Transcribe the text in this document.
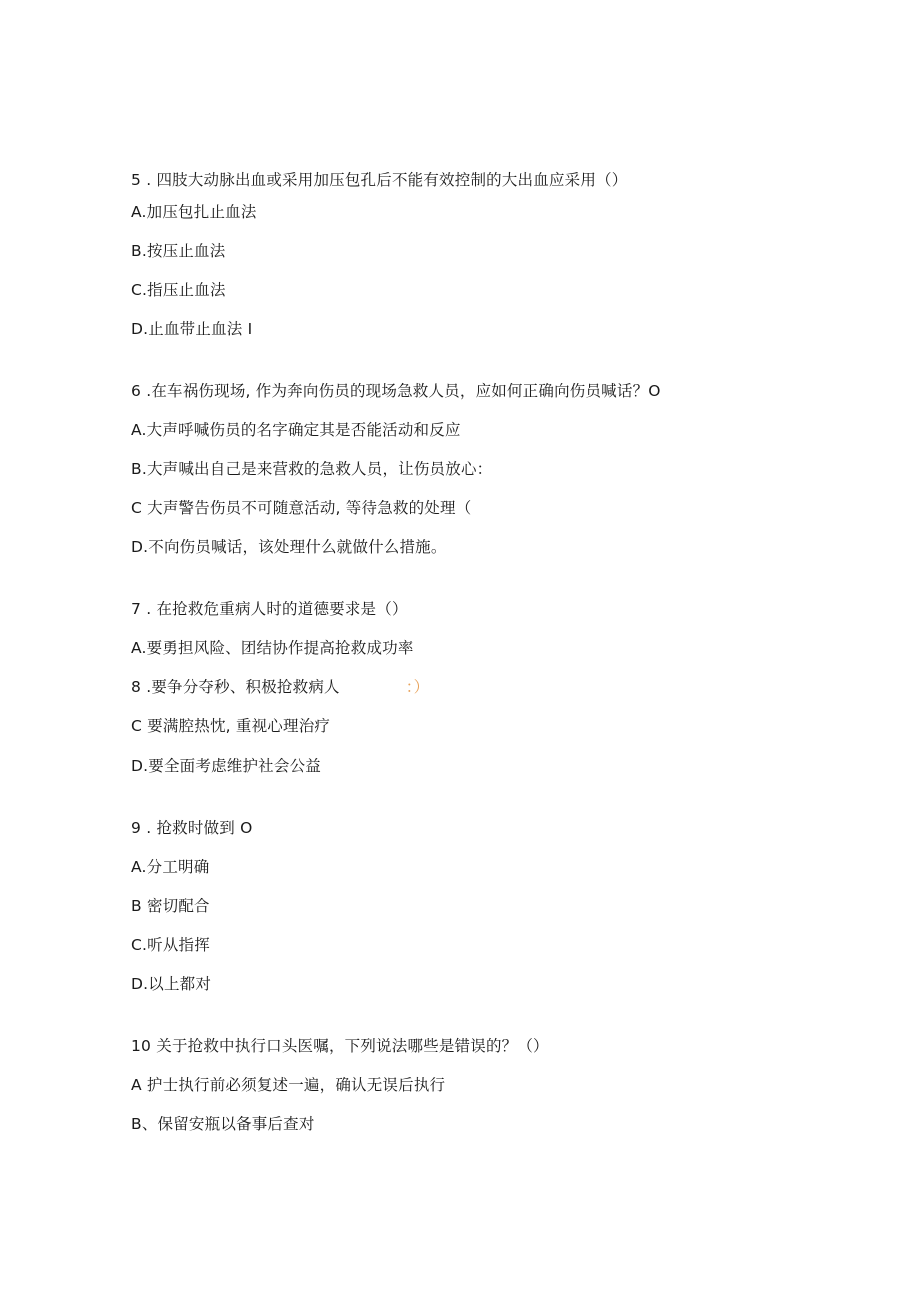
5 . 四肢大动脉出血或采用加压包孔后不能有效控制的大出血应采用（）
A.加压包扎止血法
B.按压止血法
C.指压止血法
D.止血带止血法 I
6 .在车祸伤现场, 作为奔向伤员的现场急救人员，应如何正确向伤员喊话？O
A.大声呼喊伤员的名字确定其是否能活动和反应
B.大声喊出自己是来营救的急救人员，让伤员放心：
C 大声警告伤员不可随意活动, 等待急救的处理（
D.不向伤员喊话，该处理什么就做什么措施。
7 . 在抢救危重病人时的道德要求是（）
A.要勇担风险、团结协作提高抢救成功率
8 .要争分夺秒、积极抢救病人	：）
C 要满腔热忱, 重视心理治疗
D.要全面考虑维护社会公益
9 . 抢救时做到 O
A.分工明确
B 密切配合
C.听从指挥
D.以上都对
10 关于抢救中执行口头医嘱，下列说法哪些是错误的？（）
A 护士执行前必须复述一遍，确认无误后执行
B、保留安瓶以备事后查对
